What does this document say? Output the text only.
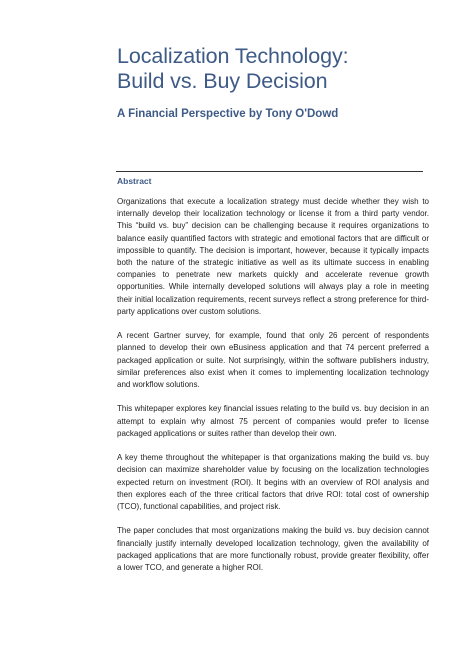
Localization Technology:
Build vs. Buy Decision
A Financial Perspective by Tony O'Dowd
Abstract

Organizations that execute a localization strategy must decide whether they wish to internally develop their localization technology or license it from a third party vendor. This “build vs. buy” decision can be challenging because it requires organizations to balance easily quantified factors with strategic and emotional factors that are difficult or impossible to quantify. The decision is important, however, because it typically impacts both the nature of the strategic initiative as well as its ultimate success in enabling companies to penetrate new markets quickly and accelerate revenue growth opportunities. While internally developed solutions will always play a role in meeting their initial localization requirements, recent surveys reflect a strong preference for third-party applications over custom solutions.

A recent Gartner survey, for example, found that only 26 percent of respondents planned to develop their own eBusiness application and that 74 percent preferred a packaged application or suite. Not surprisingly, within the software publishers industry, similar preferences also exist when it comes to implementing localization technology and workflow solutions.

This whitepaper explores key financial issues relating to the build vs. buy decision in an attempt to explain why almost 75 percent of companies would prefer to license packaged applications or suites rather than develop their own.

A key theme throughout the whitepaper is that organizations making the build vs. buy decision can maximize shareholder value by focusing on the localization technologies expected return on investment (ROI). It begins with an overview of ROI analysis and then explores each of the three critical factors that drive ROI: total cost of ownership (TCO), functional capabilities, and project risk.

The paper concludes that most organizations making the build vs. buy decision cannot financially justify internally developed localization technology, given the availability of packaged applications that are more functionally robust, provide greater flexibility, offer a lower TCO, and generate a higher ROI.
